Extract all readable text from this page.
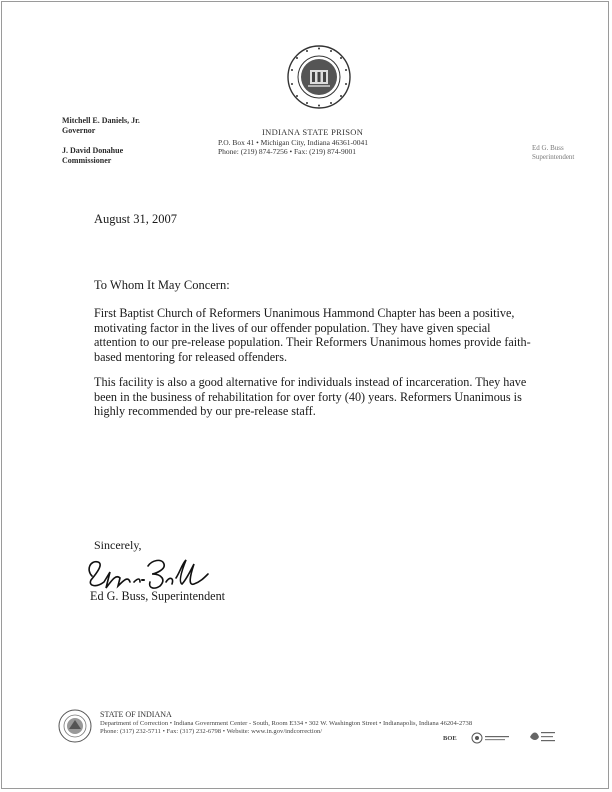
Mitchell E. Daniels, Jr.
Governor
J. David Donahue
Commissioner
INDIANA STATE PRISON
P.O. Box 41 • Michigan City, Indiana 46361-0041
Phone: (219) 874-7256 • Fax: (219) 874-9001	Ed G. Buss
Superintendent
August 31, 2007
To Whom It May Concern:
First Baptist Church of Reformers Unanimous Hammond Chapter has been a positive, motivating factor in the lives of our offender population. They have given special attention to our pre-release population. Their Reformers Unanimous homes provide faith-based mentoring for released offenders.
This facility is also a good alternative for individuals instead of incarceration. They have been in the business of rehabilitation for over forty (40) years. Reformers Unanimous is highly recommended by our pre-release staff.
Sincerely,
Ed G. Buss, Superintendent
STATE OF INDIANA
Department of Correction • Indiana Government Center - South, Room E334 • 302 W. Washington Street • Indianapolis, Indiana 46204-2738
Phone: (317) 232-5711 • Fax: (317) 232-6798 • Website: www.in.gov/indcorrection/
BOE
